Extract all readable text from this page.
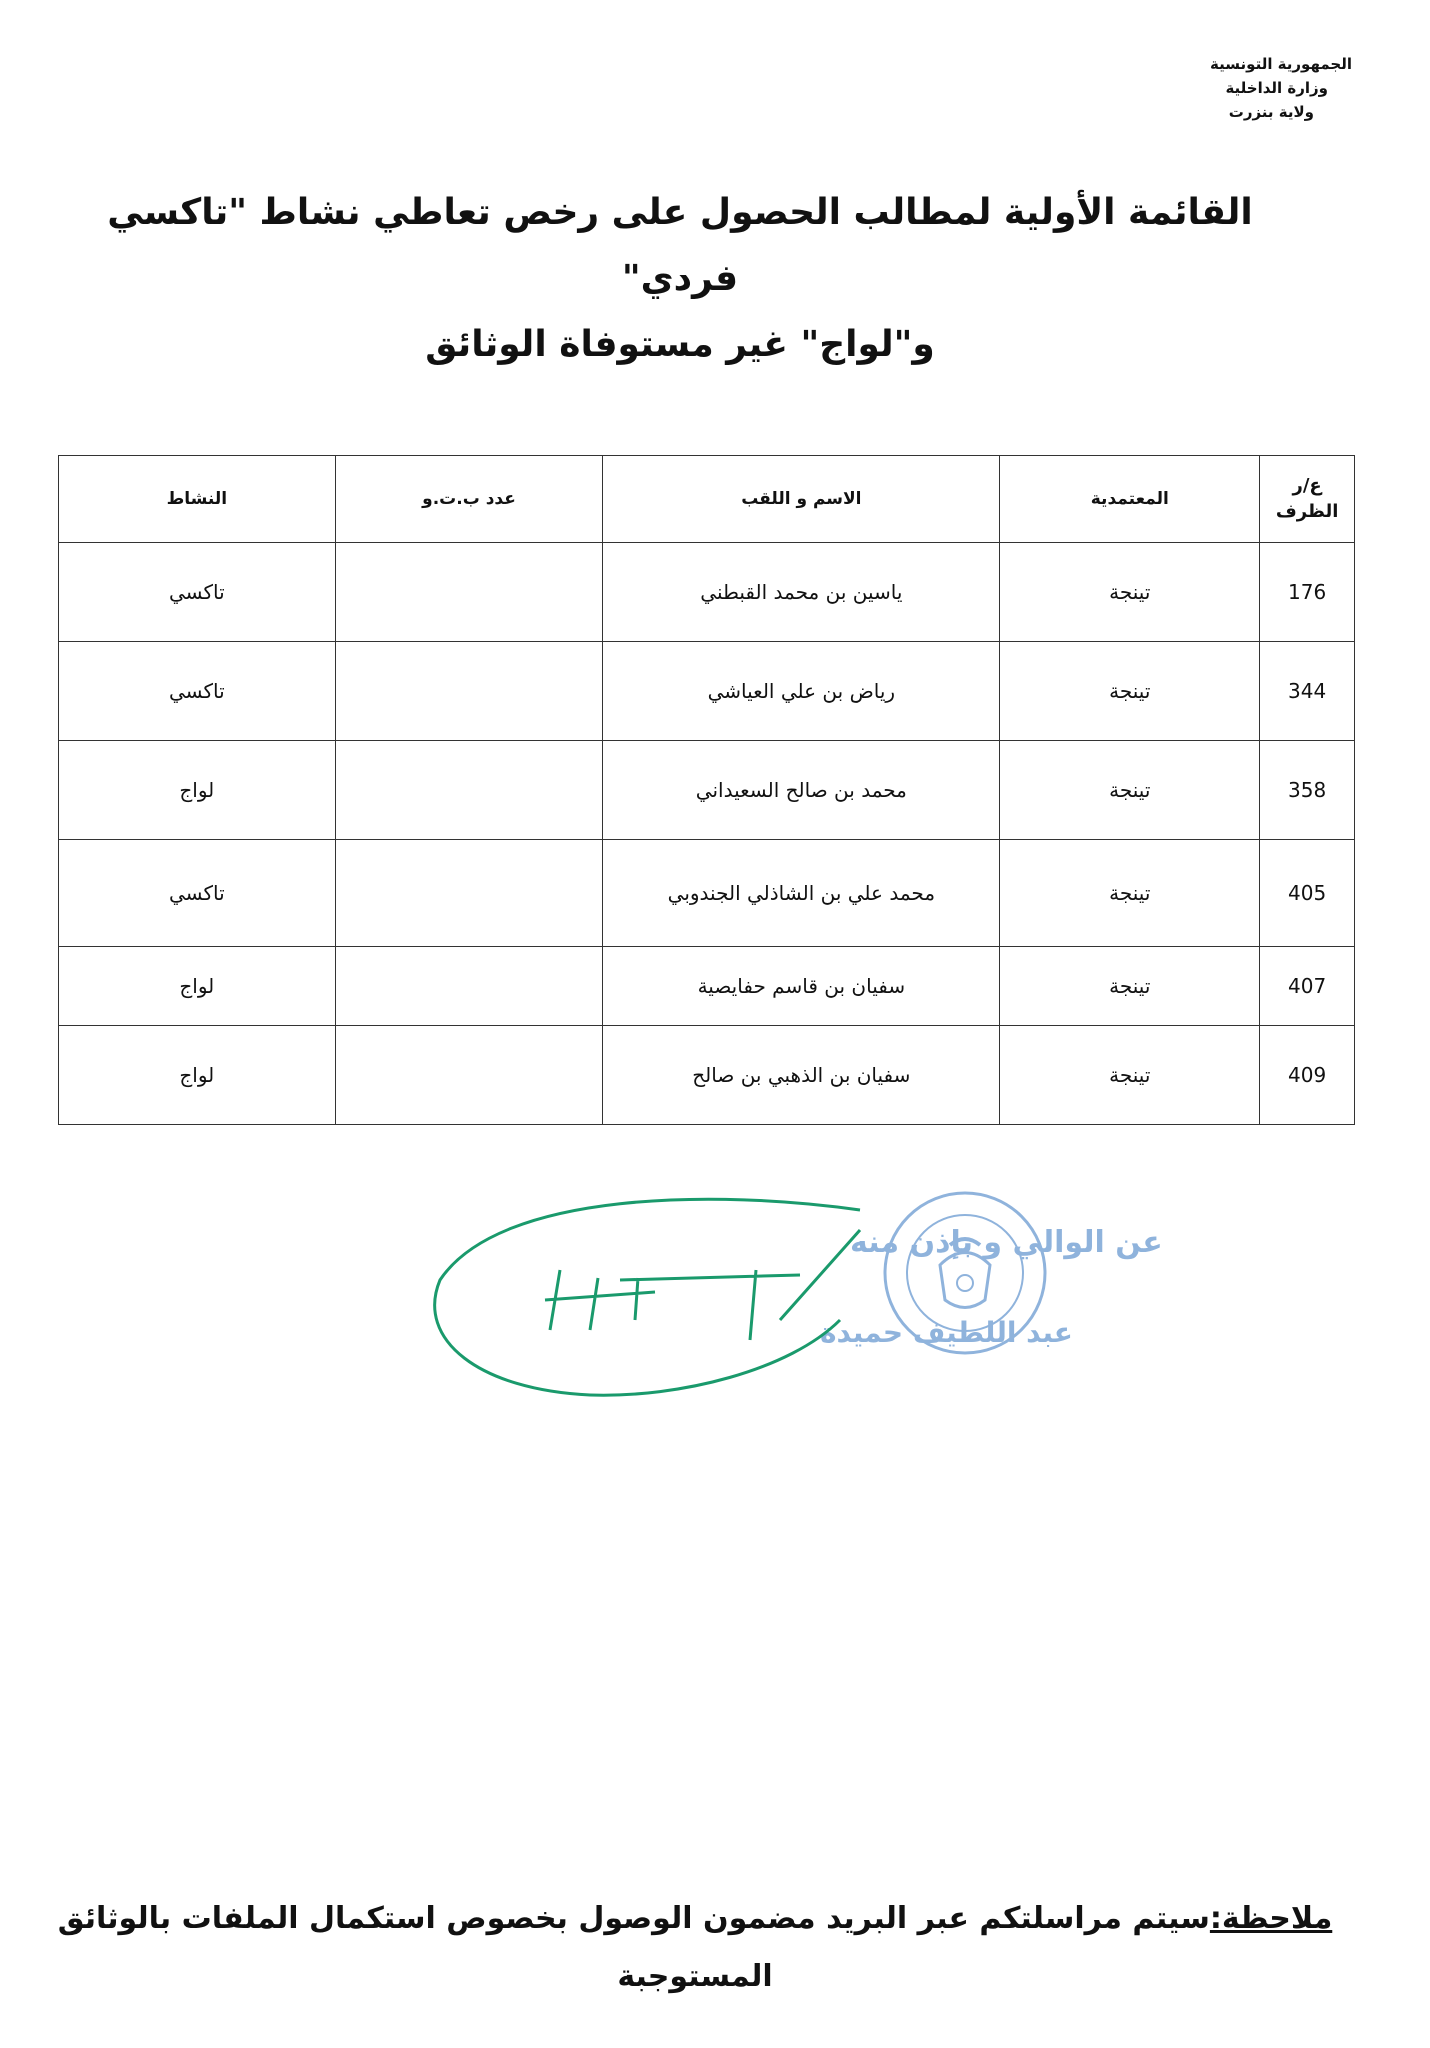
الجمهورية التونسية
وزارة الداخلية
ولاية بنزرت
القائمة الأولية لمطالب الحصول على رخص تعاطي نشاط "تاكسي فردي"
و"لواج" غير مستوفاة الوثائق
ع/ر
الظرف	المعتمدية	الاسم و اللقب	عدد ب.ت.و	النشاط
176	تينجة	ياسين بن محمد القبطني		تاكسي
344	تينجة	رياض بن علي العياشي		تاكسي
358	تينجة	محمد بن صالح السعيداني		لواج
405	تينجة	محمد علي بن الشاذلي الجندوبي		تاكسي
407	تينجة	سفيان بن قاسم حفايصية		لواج
409	تينجة	سفيان بن الذهبي بن صالح		لواج
عن الوالي و بإذن منه
عبد اللطيف حميدة
ملاحظة:سيتم مراسلتكم عبر البريد مضمون الوصول بخصوص استكمال الملفات بالوثائق المستوجبة
